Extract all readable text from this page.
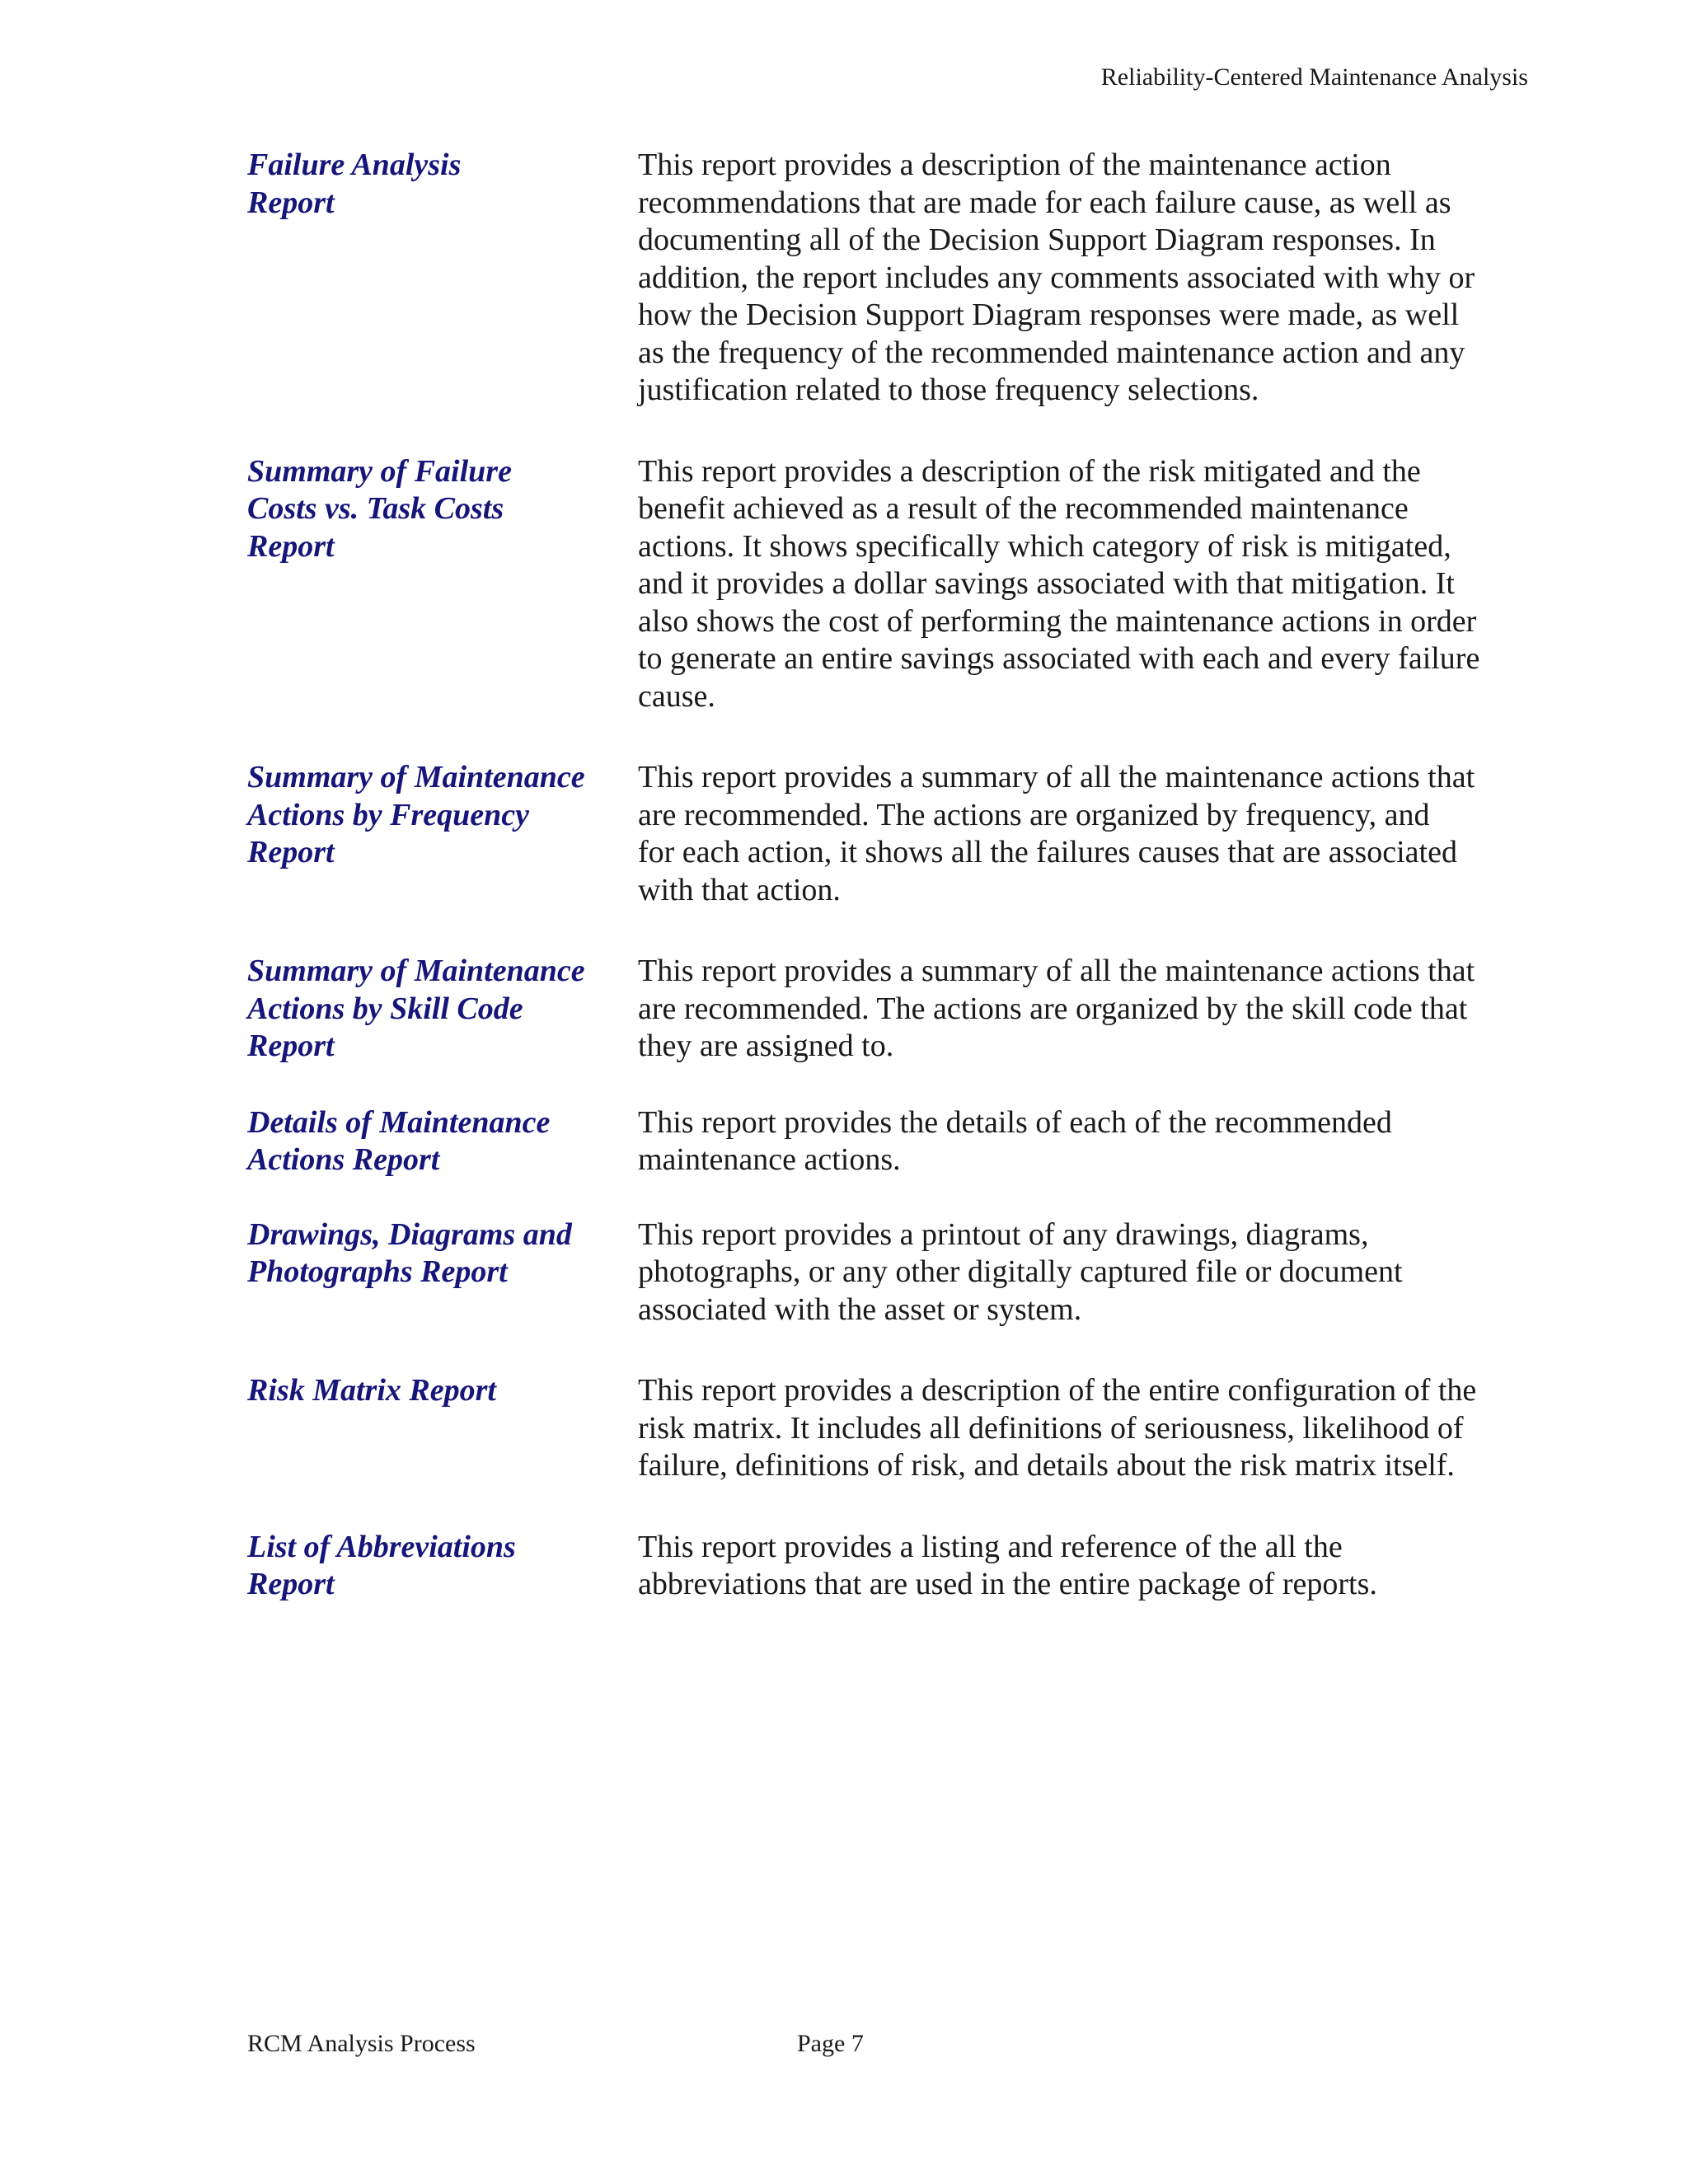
Reliability-Centered Maintenance Analysis
Failure Analysis
Report
This report provides a description of the maintenance action
recommendations that are made for each failure cause, as well as
documenting all of the Decision Support Diagram responses. In
addition, the report includes any comments associated with why or
how the Decision Support Diagram responses were made, as well
as the frequency of the recommended maintenance action and any
justification related to those frequency selections.
Summary of Failure
Costs vs. Task Costs
Report
This report provides a description of the risk mitigated and the
benefit achieved as a result of the recommended maintenance
actions. It shows specifically which category of risk is mitigated,
and it provides a dollar savings associated with that mitigation. It
also shows the cost of performing the maintenance actions in order
to generate an entire savings associated with each and every failure
cause.
Summary of Maintenance
Actions by Frequency
Report
This report provides a summary of all the maintenance actions that
are recommended. The actions are organized by frequency, and
for each action, it shows all the failures causes that are associated
with that action.
Summary of Maintenance
Actions by Skill Code
Report
This report provides a summary of all the maintenance actions that
are recommended. The actions are organized by the skill code that
they are assigned to.
Details of Maintenance
Actions Report
This report provides the details of each of the recommended
maintenance actions.
Drawings, Diagrams and
Photographs Report
This report provides a printout of any drawings, diagrams,
photographs, or any other digitally captured file or document
associated with the asset or system.
Risk Matrix Report	This report provides a description of the entire configuration of the
risk matrix. It includes all definitions of seriousness, likelihood of
failure, definitions of risk, and details about the risk matrix itself.
List of Abbreviations
Report
This report provides a listing and reference of the all the
abbreviations that are used in the entire package of reports.
RCM Analysis Process	Page 7
